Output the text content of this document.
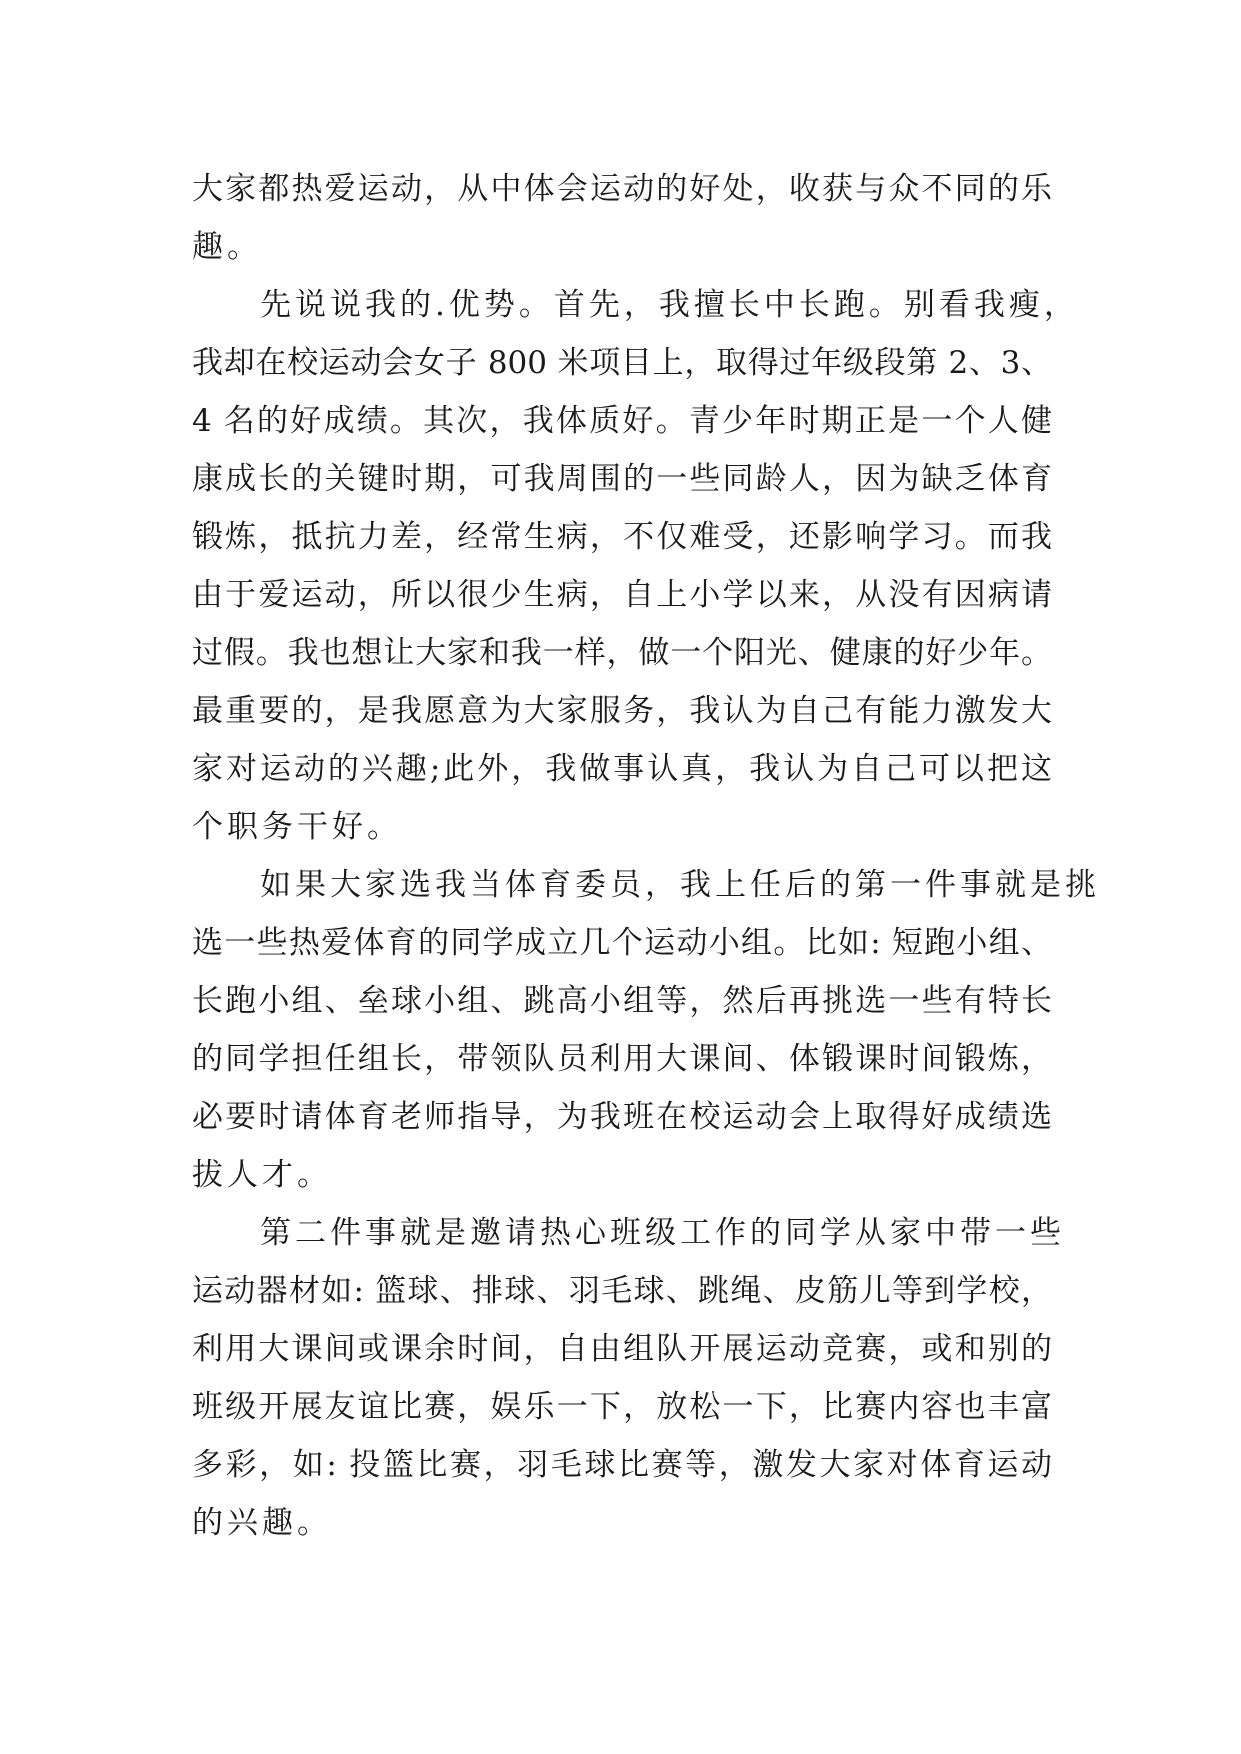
大家都热爱运动，从中体会运动的好处，收获与众不同的乐
趣。
先说说我的.优势。首先，我擅长中长跑。别看我瘦，
我却在校运动会女子 800 米项目上，取得过年级段第 2、3、
4 名的好成绩。其次，我体质好。青少年时期正是一个人健
康成长的关键时期，可我周围的一些同龄人，因为缺乏体育
锻炼，抵抗力差，经常生病，不仅难受，还影响学习。而我
由于爱运动，所以很少生病，自上小学以来，从没有因病请
过假。我也想让大家和我一样，做一个阳光、健康的好少年。
最重要的，是我愿意为大家服务，我认为自己有能力激发大
家对运动的兴趣;此外，我做事认真，我认为自己可以把这
个职务干好。
如果大家选我当体育委员，我上任后的第一件事就是挑
选一些热爱体育的同学成立几个运动小组。比如: 短跑小组、
长跑小组、垒球小组、跳高小组等，然后再挑选一些有特长
的同学担任组长，带领队员利用大课间、体锻课时间锻炼，
必要时请体育老师指导，为我班在校运动会上取得好成绩选
拔人才。
第二件事就是邀请热心班级工作的同学从家中带一些
运动器材如: 篮球、排球、羽毛球、跳绳、皮筋儿等到学校，
利用大课间或课余时间，自由组队开展运动竞赛，或和别的
班级开展友谊比赛，娱乐一下，放松一下，比赛内容也丰富
多彩，如: 投篮比赛，羽毛球比赛等，激发大家对体育运动
的兴趣。
